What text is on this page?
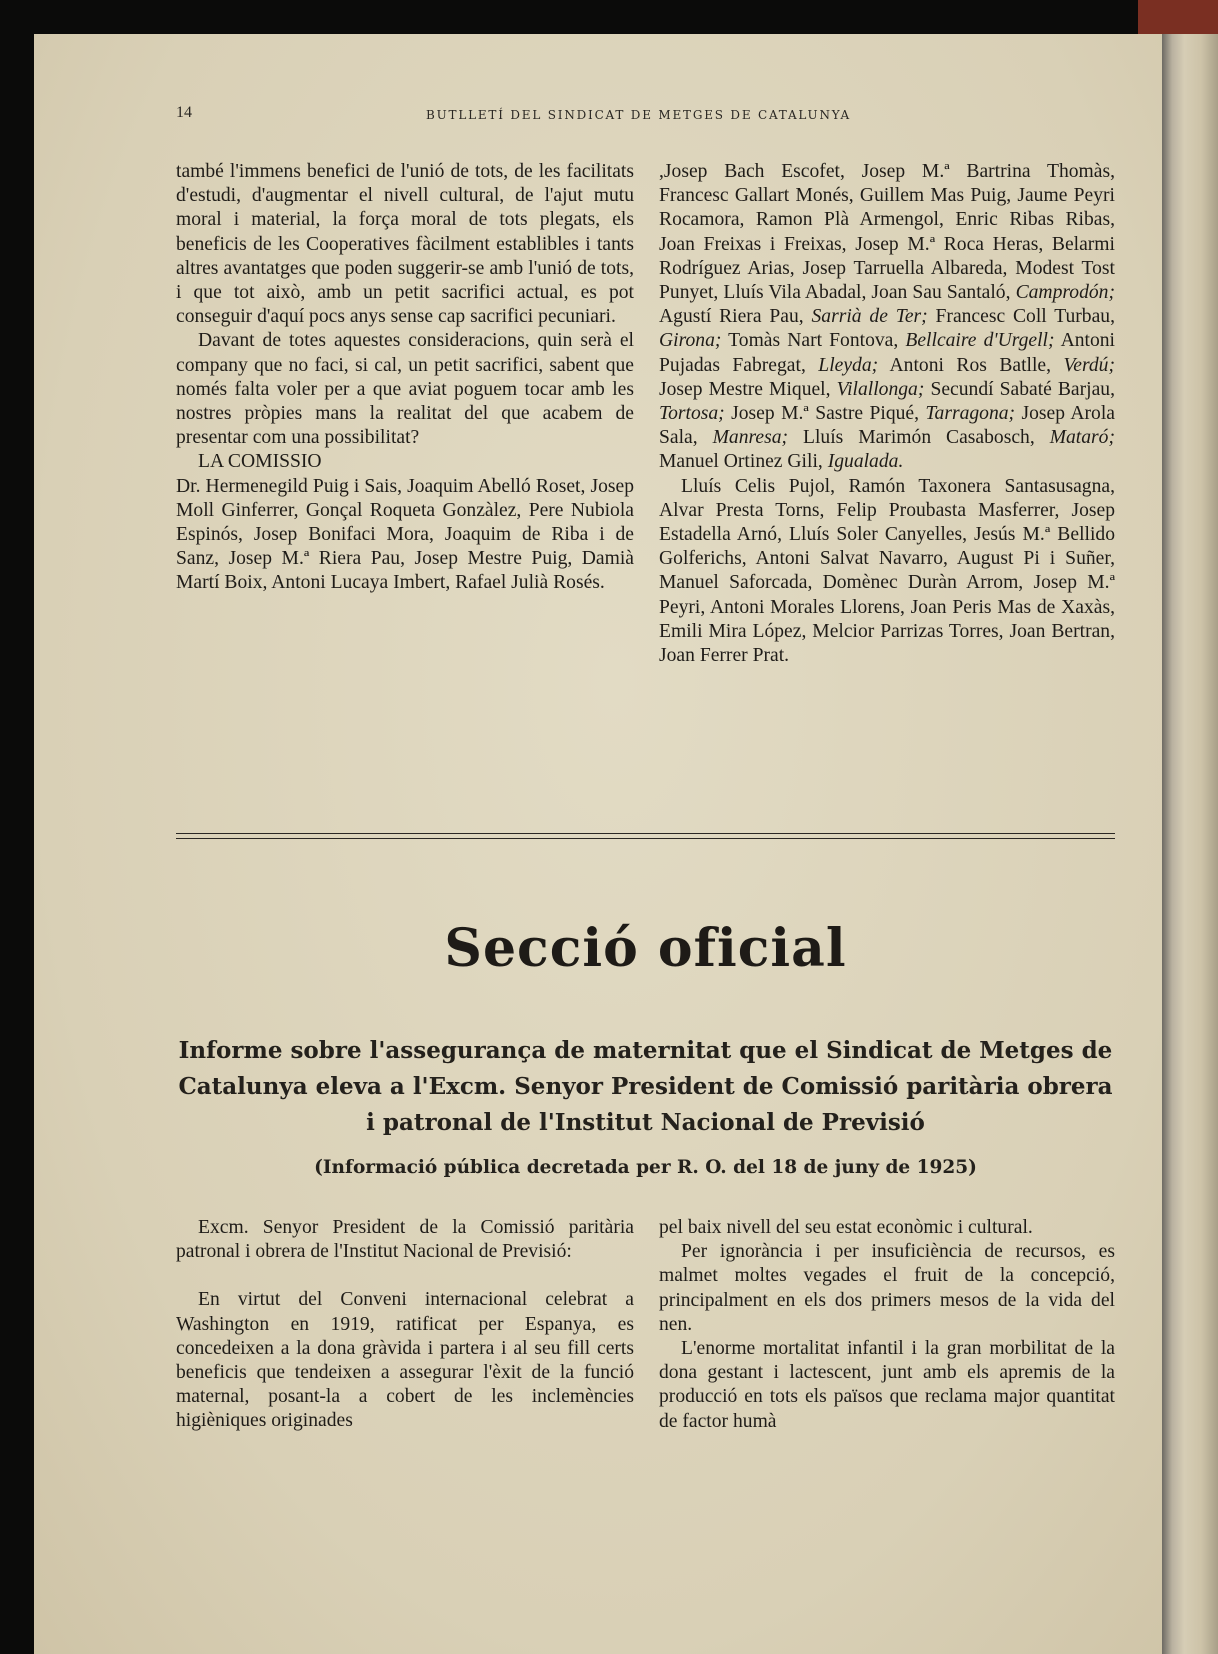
14	BUTLLETÍ DEL SINDICAT DE METGES DE CATALUNYA

també l'immens benefici de l'unió de tots, de les facilitats d'estudi, d'augmentar el nivell cultural, de l'ajut mutu moral i material, la força moral de tots plegats, els beneficis de les Cooperatives fàcilment establibles i tants altres avantatges que poden suggerir-se amb l'unió de tots, i que tot això, amb un petit sacrifici actual, es pot conseguir d'aquí pocs anys sense cap sacrifici pecuniari.

Davant de totes aquestes consideracions, quin serà el company que no faci, si cal, un petit sacrifici, sabent que només falta voler per a que aviat poguem tocar amb les nostres pròpies mans la realitat del que acabem de presentar com una possibilitat?

LA COMISSIO

Dr. Hermenegild Puig i Sais, Joaquim Abelló Roset, Josep Moll Ginferrer, Gonçal Roqueta Gonzàlez, Pere Nubiola Espinós, Josep Bonifaci Mora, Joaquim de Riba i de Sanz, Josep M.ª Riera Pau, Josep Mestre Puig, Damià Martí Boix, Antoni Lucaya Imbert, Rafael Julià Rosés.

,Josep Bach Escofet, Josep M.ª Bartrina Thomàs, Francesc Gallart Monés, Guillem Mas Puig, Jaume Peyri Rocamora, Ramon Plà Armengol, Enric Ribas Ribas, Joan Freixas i Freixas, Josep M.ª Roca Heras, Belarmi Rodríguez Arias, Josep Tarruella Albareda, Modest Tost Punyet, Lluís Vila Abadal, Joan Sau Santaló, Camprodón; Agustí Riera Pau, Sarrià de Ter; Francesc Coll Turbau, Girona; Tomàs Nart Fontova, Bellcaire d'Urgell; Antoni Pujadas Fabregat, Lleyda; Antoni Ros Batlle, Verdú; Josep Mestre Miquel, Vilallonga; Secundí Sabaté Barjau, Tortosa; Josep M.ª Sastre Piqué, Tarragona; Josep Arola Sala, Manresa; Lluís Marimón Casabosch, Mataró; Manuel Ortinez Gili, Igualada.

Lluís Celis Pujol, Ramón Taxonera Santasusagna, Alvar Presta Torns, Felip Proubasta Masferrer, Josep Estadella Arnó, Lluís Soler Canyelles, Jesús M.ª Bellido Golferichs, Antoni Salvat Navarro, August Pi i Suñer, Manuel Saforcada, Domènec Duràn Arrom, Josep M.ª Peyri, Antoni Morales Llorens, Joan Peris Mas de Xaxàs, Emili Mira López, Melcior Parrizas Torres, Joan Bertran, Joan Ferrer Prat.

Secció oficial
Informe sobre l'assegurança de maternitat que el Sindicat de Metges de Catalunya eleva a l'Excm. Senyor President de Comissió paritària obrera i patronal de l'Institut Nacional de Previsió
(Informació pública decretada per R. O. del 18 de juny de 1925)

Excm. Senyor President de la Comissió paritària patronal i obrera de l'Institut Nacional de Previsió:

En virtut del Conveni internacional celebrat a Washington en 1919, ratificat per Espanya, es concedeixen a la dona gràvida i partera i al seu fill certs beneficis que tendeixen a assegurar l'èxit de la funció maternal, posant-la a cobert de les inclemències higièniques originades

pel baix nivell del seu estat econòmic i cultural.

Per ignorància i per insuficiència de recursos, es malmet moltes vegades el fruit de la concepció, principalment en els dos primers mesos de la vida del nen.

L'enorme mortalitat infantil i la gran morbilitat de la dona gestant i lactescent, junt amb els apremis de la producció en tots els països que reclama major quantitat de factor humà
